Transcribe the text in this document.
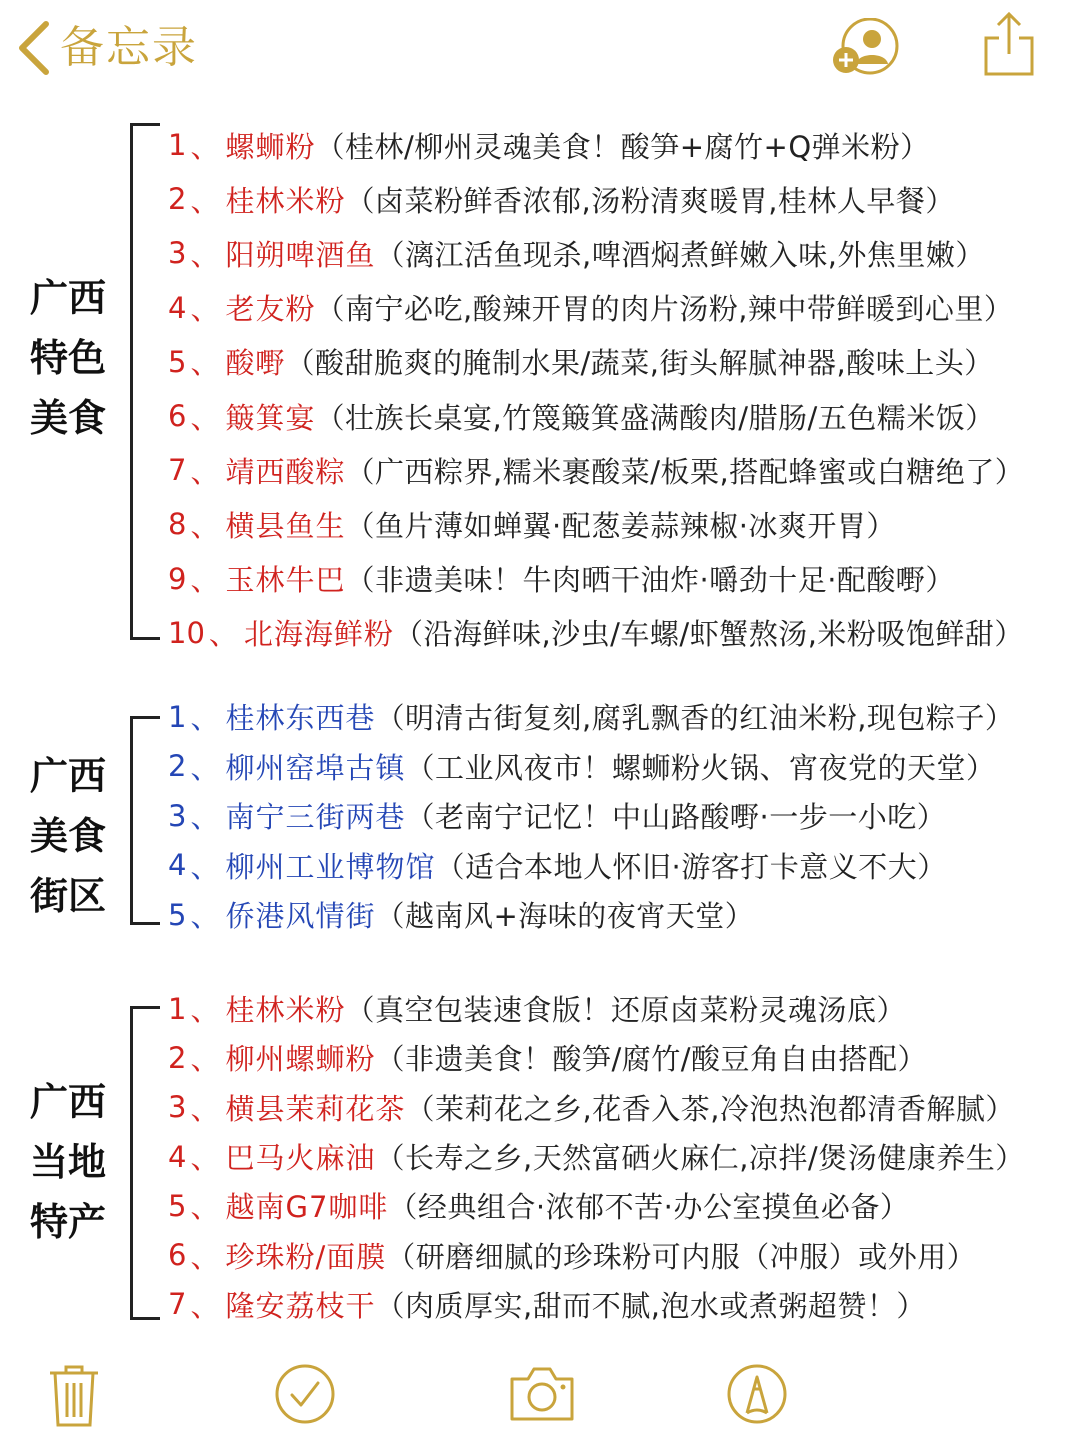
备忘录
广西
特色
美食
1 、 螺蛳粉 （桂林/柳州灵魂美食！酸笋+腐竹+Q弹米粉）
2 、 桂林米粉 （卤菜粉鲜香浓郁,汤粉清爽暖胃,桂林人早餐）
3 、 阳朔啤酒鱼 （漓江活鱼现杀,啤酒焖煮鲜嫩入味,外焦里嫩）
4 、 老友粉 （南宁必吃,酸辣开胃的肉片汤粉,辣中带鲜暖到心里）
5 、 酸嘢 （酸甜脆爽的腌制水果/蔬菜,街头解腻神器,酸味上头）
6 、 簸箕宴 （壮族长桌宴,竹篾簸箕盛满酸肉/腊肠/五色糯米饭）
7 、 靖西酸粽 （广西粽界,糯米裹酸菜/板栗,搭配蜂蜜或白糖绝了）
8 、 横县鱼生 （鱼片薄如蝉翼·配葱姜蒜辣椒·冰爽开胃）
9 、 玉林牛巴 （非遗美味！牛肉晒干油炸·嚼劲十足·配酸嘢）
10 、 北海海鲜粉 （沿海鲜味,沙虫/车螺/虾蟹熬汤,米粉吸饱鲜甜）
广西
美食
街区
1 、 桂林东西巷 （明清古街复刻,腐乳飘香的红油米粉,现包粽子）
2 、 柳州窑埠古镇 （工业风夜市！螺蛳粉火锅、宵夜党的天堂）
3 、 南宁三街两巷 （老南宁记忆！中山路酸嘢·一步一小吃）
4 、 柳州工业博物馆 （适合本地人怀旧·游客打卡意义不大）
5 、 侨港风情街 （越南风+海味的夜宵天堂）
广西
当地
特产
1 、 桂林米粉 （真空包装速食版！还原卤菜粉灵魂汤底）
2 、 柳州螺蛳粉 （非遗美食！酸笋/腐竹/酸豆角自由搭配）
3 、 横县茉莉花茶 （茉莉花之乡,花香入茶,冷泡热泡都清香解腻）
4 、 巴马火麻油 （长寿之乡,天然富硒火麻仁,凉拌/煲汤健康养生）
5 、 越南G7咖啡 （经典组合·浓郁不苦·办公室摸鱼必备）
6 、 珍珠粉/面膜 （研磨细腻的珍珠粉可内服（冲服）或外用）
7 、 隆安荔枝干 （肉质厚实,甜而不腻,泡水或煮粥超赞！）
